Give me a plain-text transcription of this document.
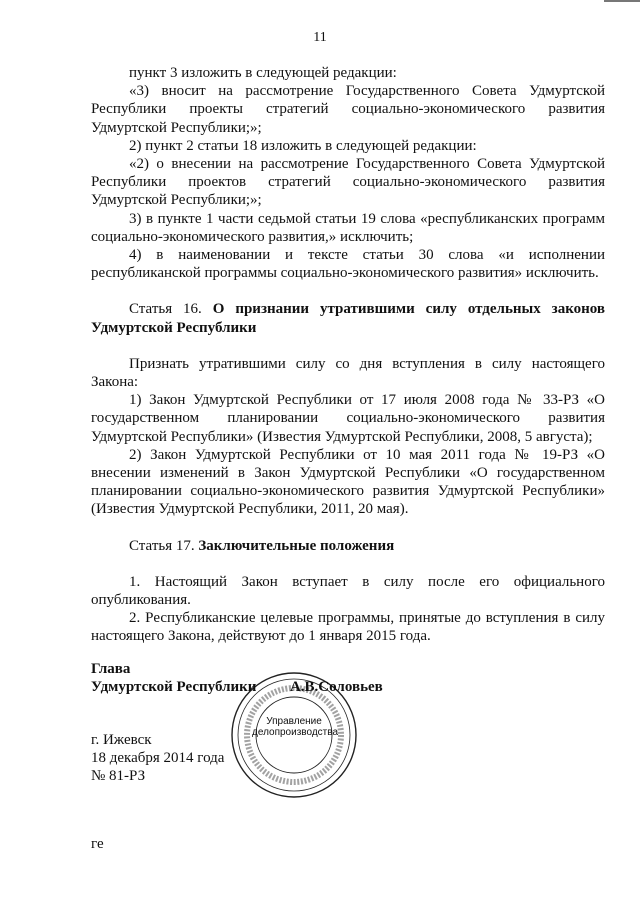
11

пункт 3 изложить в следующей редакции:

«3) вносит на рассмотрение Государственного Совета Удмуртской Республики проекты стратегий социально-экономического развития Удмуртской Республики;»;

2) пункт 2 статьи 18 изложить в следующей редакции:

«2) о внесении на рассмотрение Государственного Совета Удмуртской Республики проектов стратегий социально-экономического развития Удмуртской Республики;»;

3) в пункте 1 части седьмой статьи 19 слова «республиканских программ социально-экономического развития,» исключить;

4) в наименовании и тексте статьи 30 слова «и исполнении республиканской программы социально-экономического развития» исключить.

Статья 16. О признании утратившими силу отдельных законов Удмуртской Республики

Признать утратившими силу со дня вступления в силу настоящего Закона:

1) Закон Удмуртской Республики от 17 июля 2008 года № 33-РЗ «О государственном планировании социально-экономического развития Удмуртской Республики» (Известия Удмуртской Республики, 2008, 5 августа);

2) Закон Удмуртской Республики от 10 мая 2011 года № 19-РЗ «О внесении изменений в Закон Удмуртской Республики «О государственном планировании социально-экономического развития Удмуртской Республики» (Известия Удмуртской Республики, 2011, 20 мая).

Статья 17. Заключительные положения

1. Настоящий Закон вступает в силу после его официального опубликования.

2. Республиканские целевые программы, принятые до вступления в силу настоящего Закона, действуют до 1 января 2015 года.

Управление
делопроизводства
Глава
Удмуртской Республики А.В.Соловьев
г. Ижевск
18 декабря 2014 года
№ 81-РЗ
ге
